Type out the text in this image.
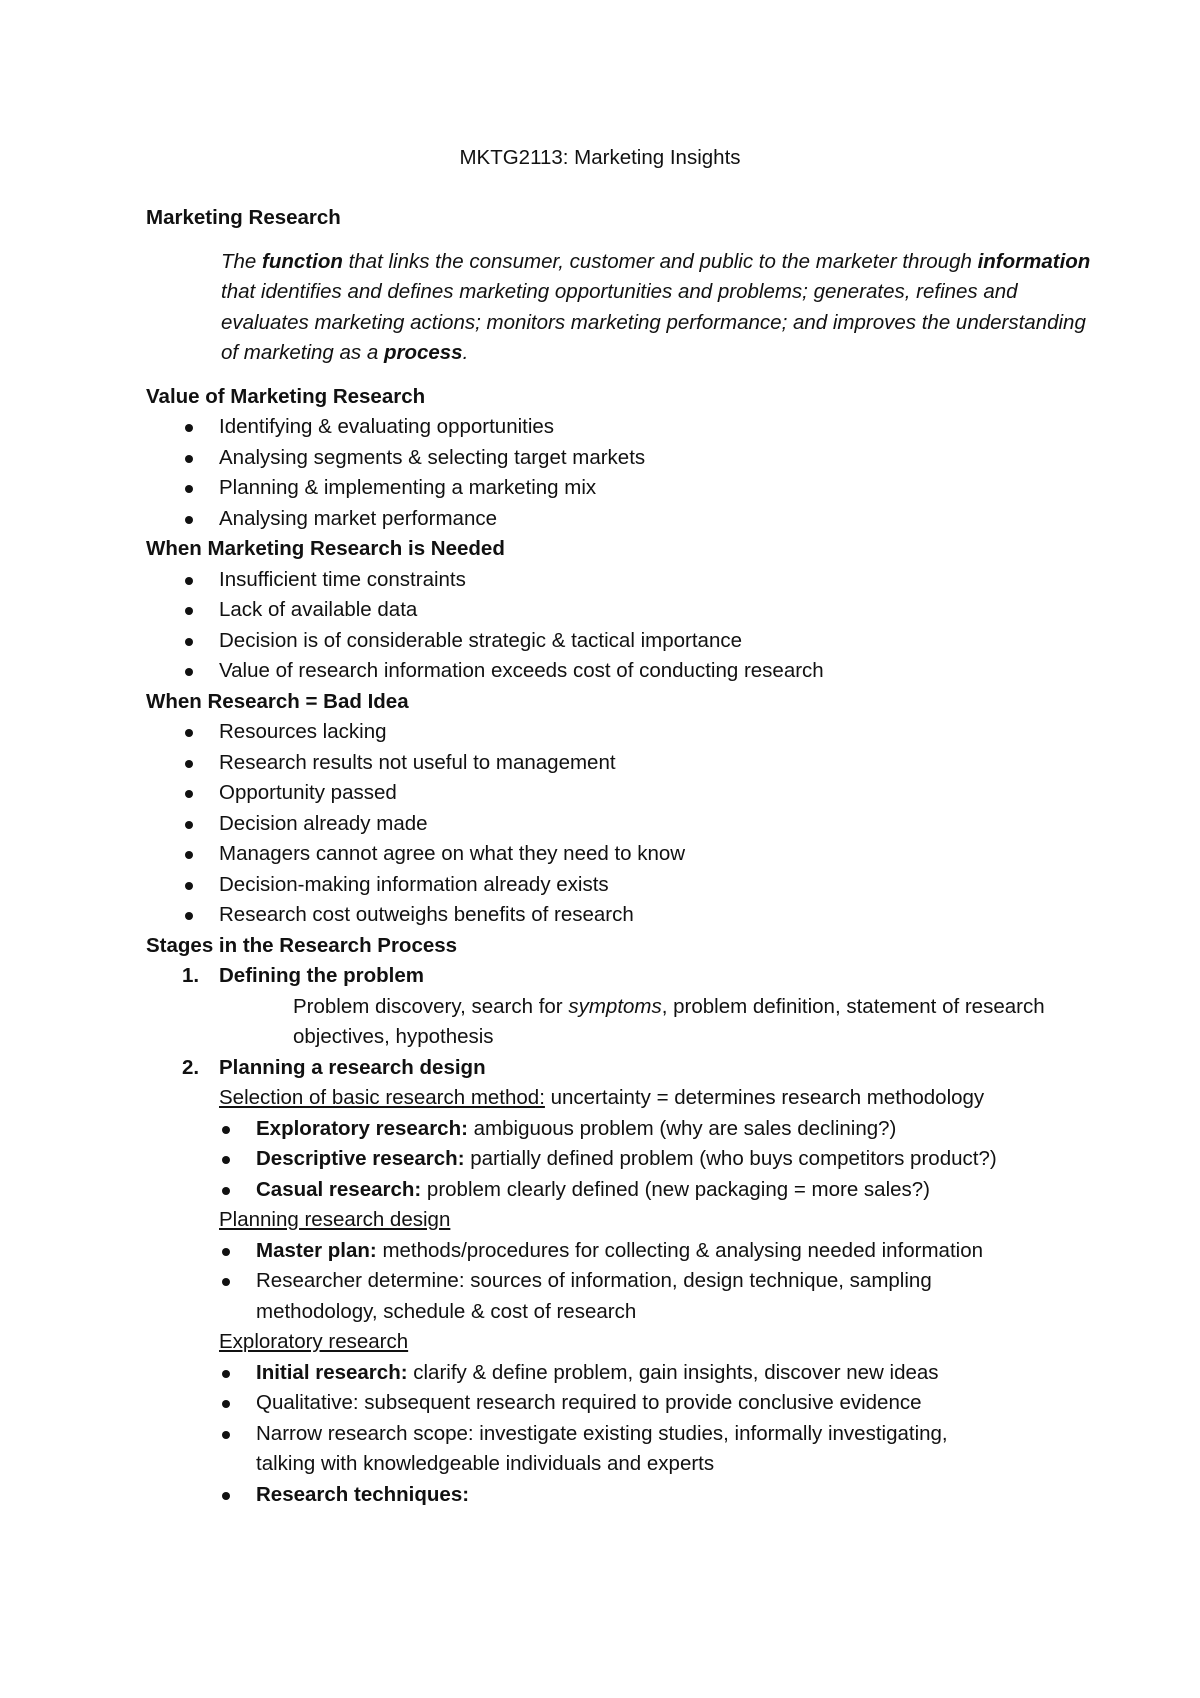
MKTG2113: Marketing Insights

Marketing Research

The function that links the consumer, customer and public to the marketer through information that identifies and defines marketing opportunities and problems; generates, refines and evaluates marketing actions; monitors marketing performance; and improves the understanding of marketing as a process.

Value of Marketing Research

Identifying & evaluating opportunities
Analysing segments & selecting target markets
Planning & implementing a marketing mix
Analysing market performance

When Marketing Research is Needed

Insufficient time constraints
Lack of available data
Decision is of considerable strategic & tactical importance
Value of research information exceeds cost of conducting research

When Research = Bad Idea

Resources lacking
Research results not useful to management
Opportunity passed
Decision already made
Managers cannot agree on what they need to know
Decision-making information already exists
Research cost outweighs benefits of research

Stages in the Research Process

1. Defining the problem
Problem discovery, search for symptoms, problem definition, statement of research objectives, hypothesis
2. Planning a research design
Selection of basic research method: uncertainty = determines research methodology
Exploratory research: ambiguous problem (why are sales declining?)
Descriptive research: partially defined problem (who buys competitors product?)
Casual research: problem clearly defined (new packaging = more sales?)
Planning research design
Master plan: methods/procedures for collecting & analysing needed information
Researcher determine: sources of information, design technique, sampling methodology, schedule & cost of research
Exploratory research
Initial research: clarify & define problem, gain insights, discover new ideas
Qualitative: subsequent research required to provide conclusive evidence
Narrow research scope: investigate existing studies, informally investigating, talking with knowledgeable individuals and experts
Research techniques:
